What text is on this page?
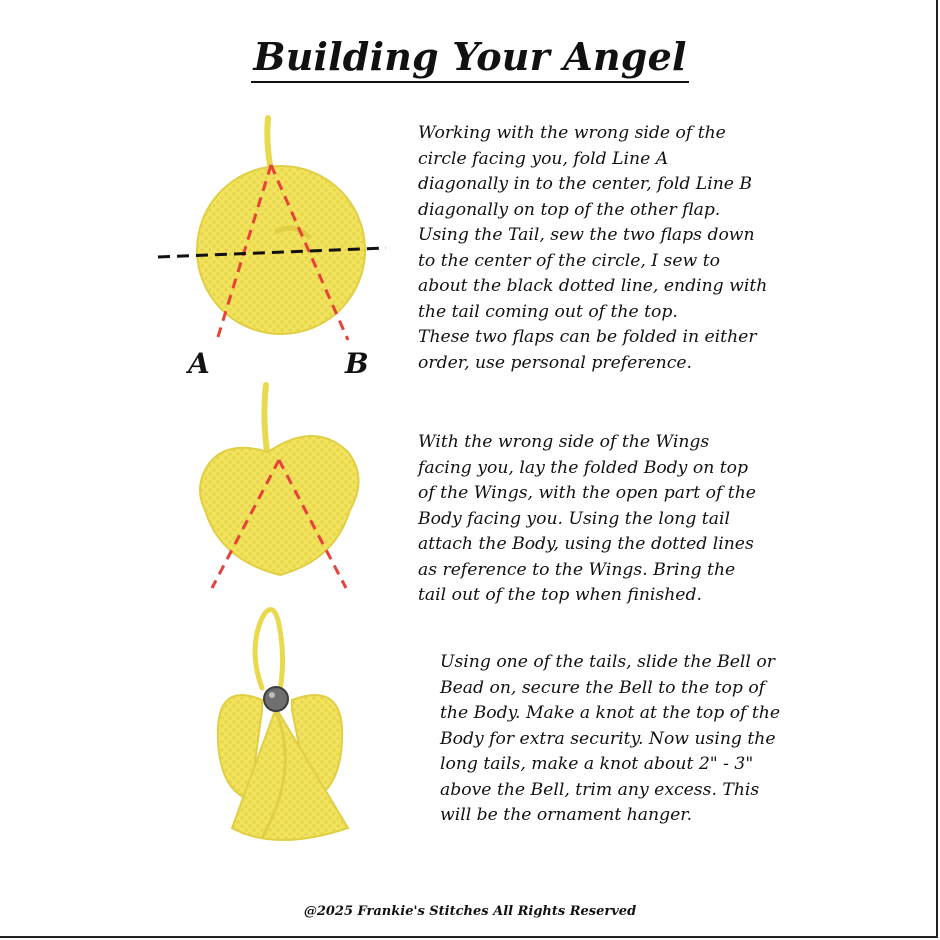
Building Your Angel
A	B
Working with the wrong side of the
circle facing you, fold Line A
diagonally in to the center, fold Line B
diagonally on top of the other flap.
Using the Tail, sew the two flaps down
to the center of the circle, I sew to
about the black dotted line, ending with
the tail coming out of the top.
These two flaps can be folded in either
order, use personal preference.
With the wrong side of the Wings
facing you, lay the folded Body on top
of the Wings, with the open part of the
Body facing you. Using the long tail
attach the Body, using the dotted lines
as reference to the Wings. Bring the
tail out of the top when finished.
Using one of the tails, slide the Bell or
Bead on, secure the Bell to the top of
the Body. Make a knot at the top of the
Body for extra security. Now using the
long tails, make a knot about 2" - 3"
above the Bell, trim any excess. This
will be the ornament hanger.
@2025 Frankie's Stitches All Rights Reserved
